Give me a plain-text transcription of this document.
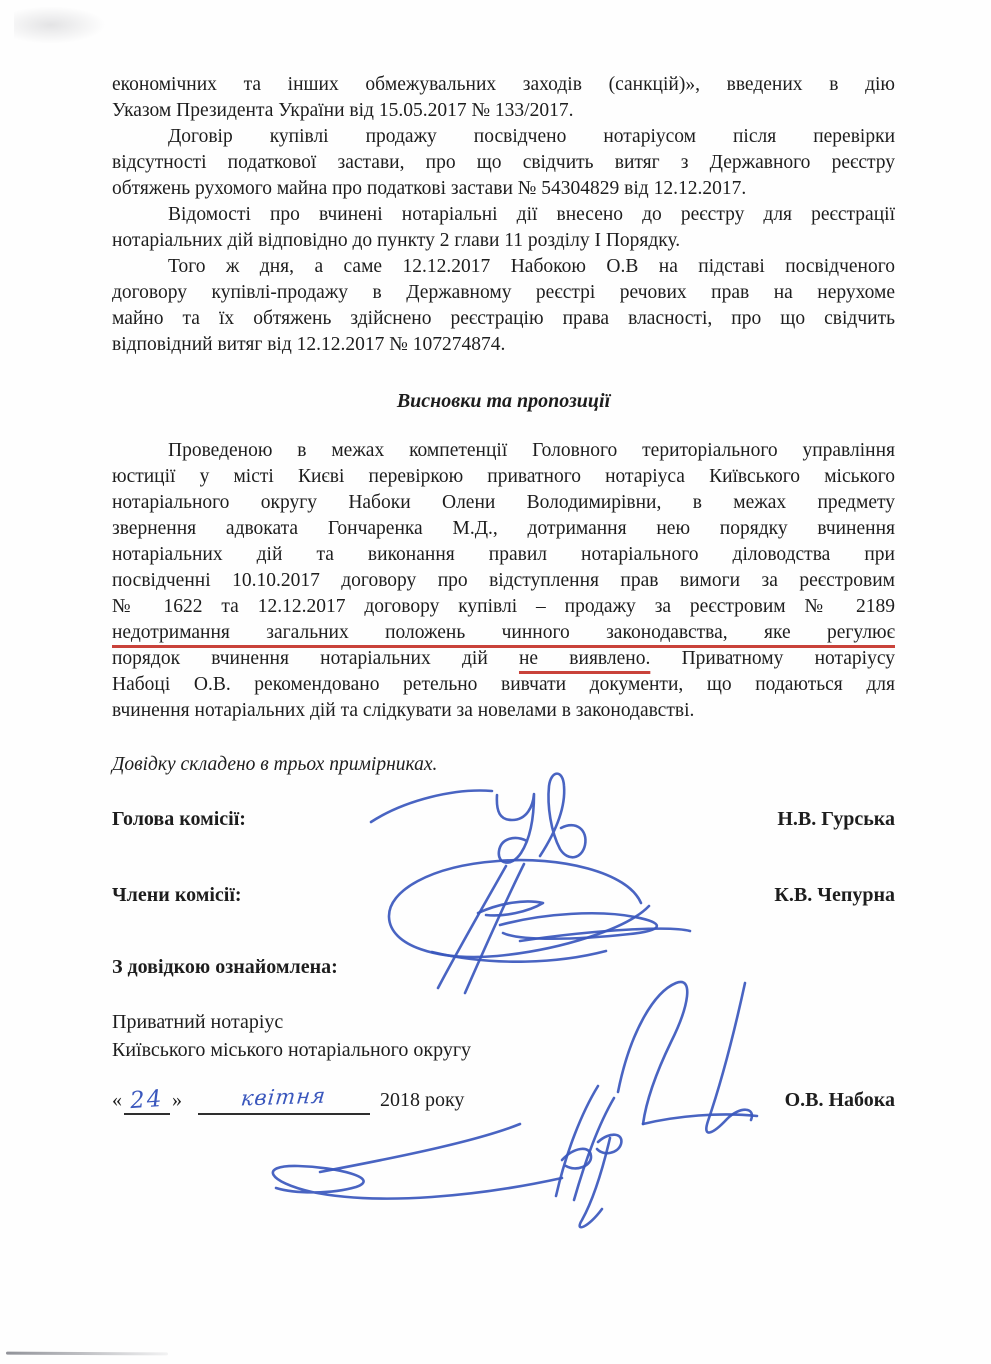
економічних та інших обмежувальних заходів (санкцій)», введених в дію
Указом Президента України від 15.05.2017 № 133/2017.
Договір купівлі продажу посвідчено нотаріусом після перевірки
відсутності податкової застави, про що свідчить витяг з Державного реєстру
обтяжень рухомого майна про податкові застави № 54304829 від 12.12.2017.
Відомості про вчинені нотаріальні дії внесено до реєстру для реєстрації
нотаріальних дій відповідно до пункту 2 глави 11 розділу І Порядку.
Того ж дня, а саме 12.12.2017 Набокою О.В на підставі посвідченого
договору купівлі-продажу в Державному реєстрі речових прав на нерухоме
майно та їх обтяжень здійснено реєстрацію права власності, про що свідчить
відповідний витяг від 12.12.2017 № 107274874.
Висновки та пропозиції
Проведеною в межах компетенції Головного територіального управління
юстиції у місті Києві перевіркою приватного нотаріуса Київського міського
нотаріального округу Набоки Олени Володимирівни, в межах предмету
звернення адвоката Гончаренка М.Д., дотримання нею порядку вчинення
нотаріальних дій та виконання правил нотаріального діловодства при
посвідченні 10.10.2017 договору про відступлення прав вимоги за реєстровим
№ 1622 та 12.12.2017 договору купівлі – продажу за реєстровим № 2189
недотримання загальних положень чинного законодавства, яке регулює
порядок вчинення нотаріальних дій не виявлено. Приватному нотаріусу
Набоці О.В. рекомендовано ретельно вивчати документи, що подаються для
вчинення нотаріальних дій та слідкувати за новелами в законодавстві.

Довідку складено в трьох примірниках.

Голова комісії:	Н.В. Гурська
Члени комісії:	К.В. Чепурна
З довідкою ознайомлена:
Приватний нотаріус
Київського міського нотаріального округу
« 24 »	квітня	2018 року	О.В. Набока
